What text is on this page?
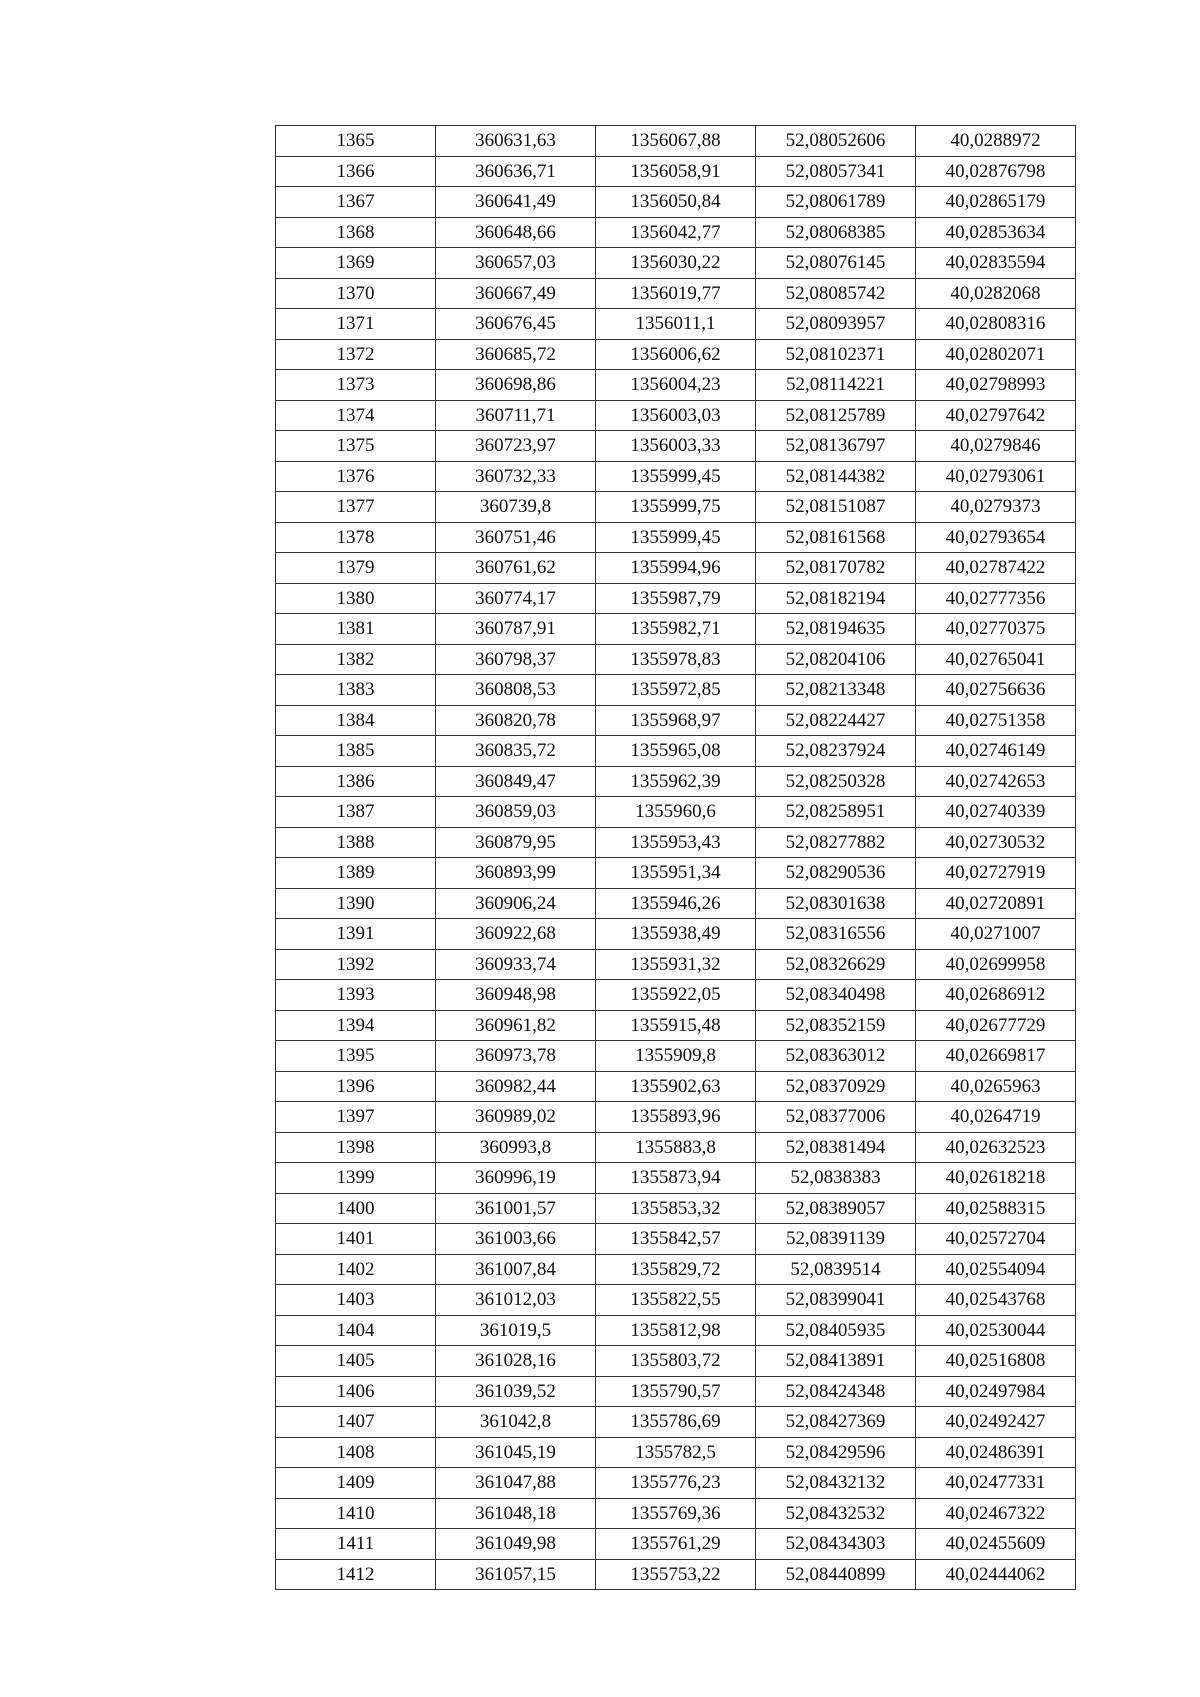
1365	360631,63	1356067,88	52,08052606	40,0288972
1366	360636,71	1356058,91	52,08057341	40,02876798
1367	360641,49	1356050,84	52,08061789	40,02865179
1368	360648,66	1356042,77	52,08068385	40,02853634
1369	360657,03	1356030,22	52,08076145	40,02835594
1370	360667,49	1356019,77	52,08085742	40,0282068
1371	360676,45	1356011,1	52,08093957	40,02808316
1372	360685,72	1356006,62	52,08102371	40,02802071
1373	360698,86	1356004,23	52,08114221	40,02798993
1374	360711,71	1356003,03	52,08125789	40,02797642
1375	360723,97	1356003,33	52,08136797	40,0279846
1376	360732,33	1355999,45	52,08144382	40,02793061
1377	360739,8	1355999,75	52,08151087	40,0279373
1378	360751,46	1355999,45	52,08161568	40,02793654
1379	360761,62	1355994,96	52,08170782	40,02787422
1380	360774,17	1355987,79	52,08182194	40,02777356
1381	360787,91	1355982,71	52,08194635	40,02770375
1382	360798,37	1355978,83	52,08204106	40,02765041
1383	360808,53	1355972,85	52,08213348	40,02756636
1384	360820,78	1355968,97	52,08224427	40,02751358
1385	360835,72	1355965,08	52,08237924	40,02746149
1386	360849,47	1355962,39	52,08250328	40,02742653
1387	360859,03	1355960,6	52,08258951	40,02740339
1388	360879,95	1355953,43	52,08277882	40,02730532
1389	360893,99	1355951,34	52,08290536	40,02727919
1390	360906,24	1355946,26	52,08301638	40,02720891
1391	360922,68	1355938,49	52,08316556	40,0271007
1392	360933,74	1355931,32	52,08326629	40,02699958
1393	360948,98	1355922,05	52,08340498	40,02686912
1394	360961,82	1355915,48	52,08352159	40,02677729
1395	360973,78	1355909,8	52,08363012	40,02669817
1396	360982,44	1355902,63	52,08370929	40,0265963
1397	360989,02	1355893,96	52,08377006	40,0264719
1398	360993,8	1355883,8	52,08381494	40,02632523
1399	360996,19	1355873,94	52,0838383	40,02618218
1400	361001,57	1355853,32	52,08389057	40,02588315
1401	361003,66	1355842,57	52,08391139	40,02572704
1402	361007,84	1355829,72	52,0839514	40,02554094
1403	361012,03	1355822,55	52,08399041	40,02543768
1404	361019,5	1355812,98	52,08405935	40,02530044
1405	361028,16	1355803,72	52,08413891	40,02516808
1406	361039,52	1355790,57	52,08424348	40,02497984
1407	361042,8	1355786,69	52,08427369	40,02492427
1408	361045,19	1355782,5	52,08429596	40,02486391
1409	361047,88	1355776,23	52,08432132	40,02477331
1410	361048,18	1355769,36	52,08432532	40,02467322
1411	361049,98	1355761,29	52,08434303	40,02455609
1412	361057,15	1355753,22	52,08440899	40,02444062
